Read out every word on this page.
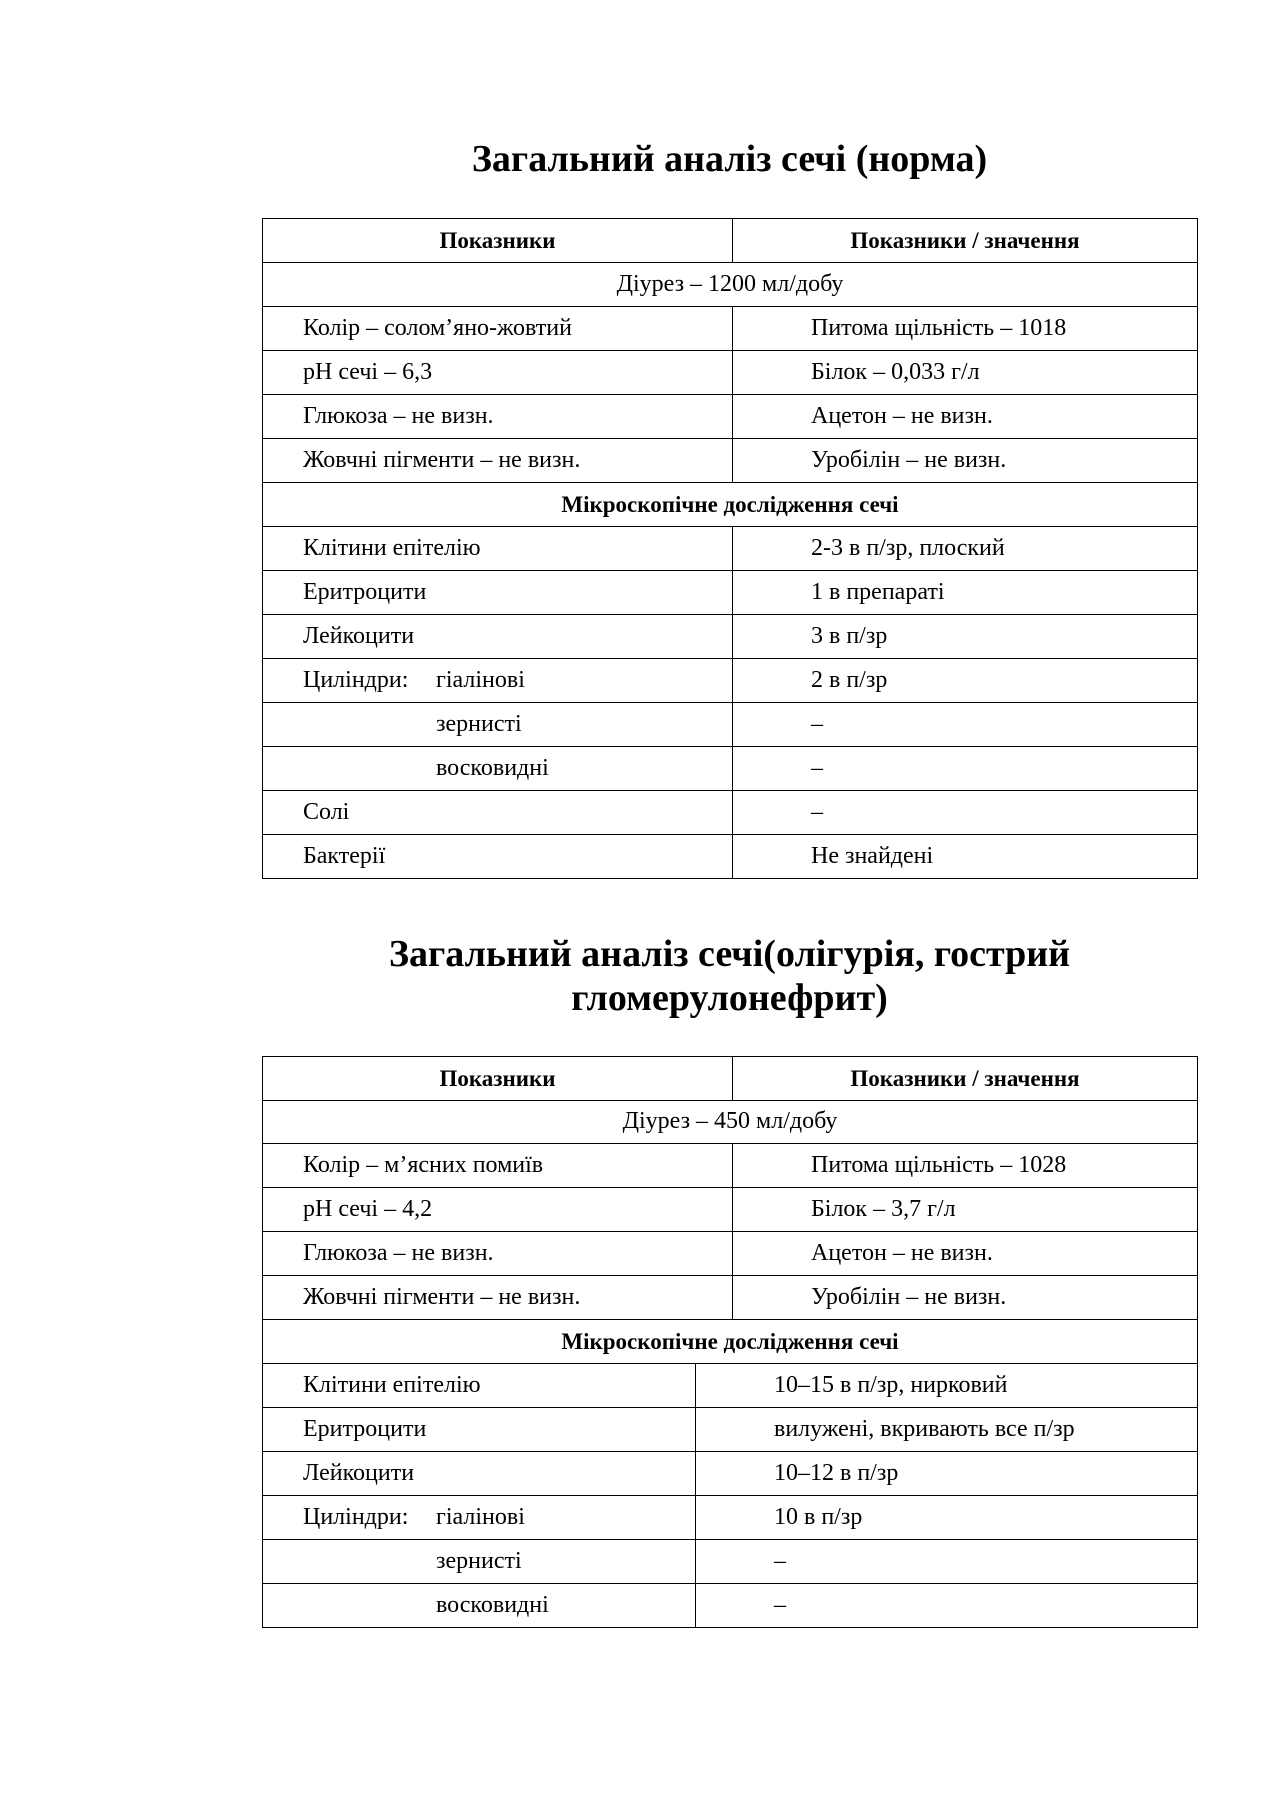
Загальний аналіз сечі (норма)
Показники	Показники / значення
Діурез – 1200 мл/добу	
Колір – солом’яно-жовтий	Питома щільність – 1018
рН сечі – 6,3	Білок – 0,033 г/л
Глюкоза – не визн.	Ацетон – не визн.
Жовчні пігменти – не визн.	Уробілін – не визн.
Мікроскопічне дослідження сечі	
Клітини епітелію	2-3 в п/зр, плоский
Еритроцити	1 в препараті
Лейкоцити	3 в п/зр
Циліндри: гіалінові	2 в п/зр
зернисті	–
восковидні	–
Солі	–
Бактерії	Не знайдені
Загальний аналіз сечі(олігурія, гострий
гломерулонефрит)
Показники	Показники / значення
Діурез – 450 мл/добу	
Колір – м’ясних помиїв	Питома щільність – 1028
рН сечі – 4,2	Білок – 3,7 г/л
Глюкоза – не визн.	Ацетон – не визн.
Жовчні пігменти – не визн.	Уробілін – не визн.
Мікроскопічне дослідження сечі	
Клітини епітелію	10–15 в п/зр, нирковий
Еритроцити	вилужені, вкривають все п/зр
Лейкоцити	10–12 в п/зр
Циліндри: гіалінові	10 в п/зр
зернисті	–
восковидні	–
